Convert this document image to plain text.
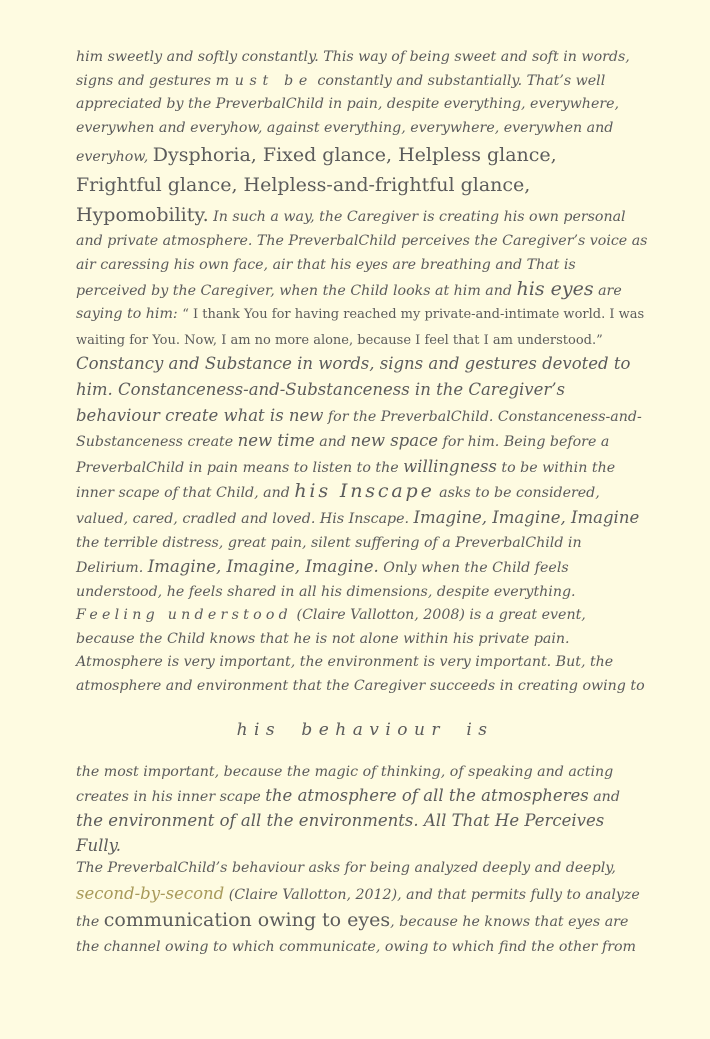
him sweetly and softly constantly. This way of being sweet and soft in words, signs and gestures must be constantly and substantially. That’s well appreciated by the PreverbalChild in pain, despite everything, everywhere, everywhen and everyhow, against everything, everywhere, everywhen and everyhow, Dysphoria, Fixed glance, Helpless glance, Frightful glance, Helpless-and-frightful glance, Hypomobility. In such a way, the Caregiver is creating his own personal and private atmosphere. The PreverbalChild perceives the Caregiver’s voice as air caressing his own face, air that his eyes are breathing and That is perceived by the Caregiver, when the Child looks at him and his eyes are saying to him: “ I thank You for having reached my private-and-intimate world. I was waiting for You. Now, I am no more alone, because I feel that I am understood.” Constancy and Substance in words, signs and gestures devoted to him. Constanceness-and-Substanceness in the Caregiver’s behaviour create what is new for the PreverbalChild. Constanceness-and-Substanceness create new time and new space for him. Being before a PreverbalChild in pain means to listen to the willingness to be within the inner scape of that Child, and his Inscape asks to be considered, valued, cared, cradled and loved. His Inscape. Imagine, Imagine, Imagine the terrible distress, great pain, silent suffering of a PreverbalChild in Delirium. Imagine, Imagine, Imagine. Only when the Child feels understood, he feels shared in all his dimensions, despite everything. Feeling understood (Claire Vallotton, 2008) is a great event, because the Child knows that he is not alone within his private pain. Atmosphere is very important, the environment is very important. But, the atmosphere and environment that the Caregiver succeeds in creating owing to

his behaviour is

the most important, because the magic of thinking, of speaking and acting creates in his inner scape the atmosphere of all the atmospheres and the environment of all the environments. All That He Perceives Fully.

The PreverbalChild’s behaviour asks for being analyzed deeply and deeply, second-by-second (Claire Vallotton, 2012), and that permits fully to analyze the communication owing to eyes, because he knows that eyes are the channel owing to which communicate, owing to which find the other from
